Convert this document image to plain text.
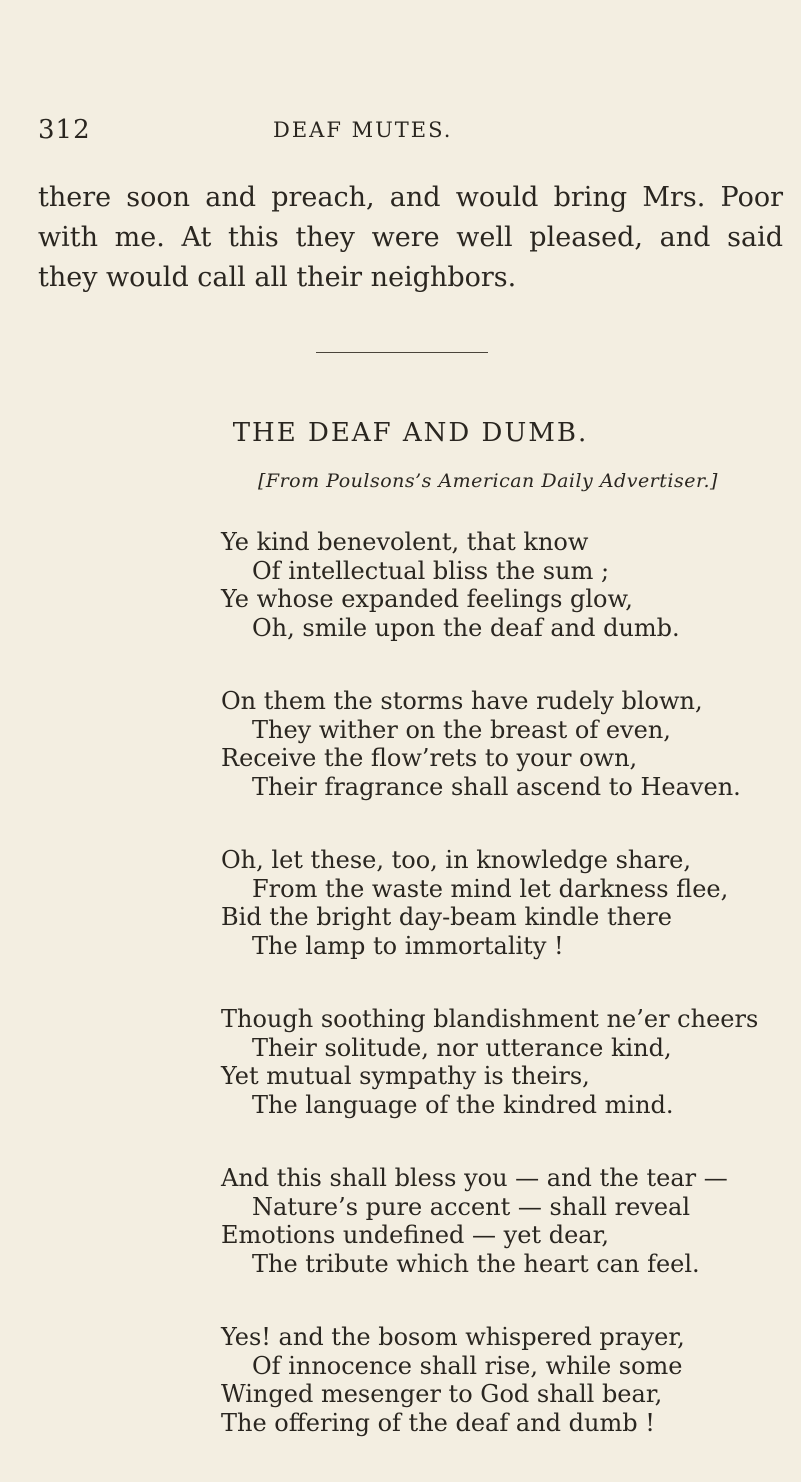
312	DEAF MUTES.
there soon and preach, and would bring Mrs. Poor
with me. At this they were well pleased, and said
they would call all their neighbors.
THE DEAF AND DUMB.
[From Poulsons’s American Daily Advertiser.]
Ye kind benevolent, that know
Of intellectual bliss the sum ;
Ye whose expanded feelings glow,
Oh, smile upon the deaf and dumb.
On them the storms have rudely blown,
They wither on the breast of even,
Receive the flow’rets to your own,
Their fragrance shall ascend to Heaven.
Oh, let these, too, in knowledge share,
From the waste mind let darkness flee,
Bid the bright day-beam kindle there
The lamp to immortality !
Though soothing blandishment ne’er cheers
Their solitude, nor utterance kind,
Yet mutual sympathy is theirs,
The language of the kindred mind.
And this shall bless you — and the tear —
Nature’s pure accent — shall reveal
Emotions undefined — yet dear,
The tribute which the heart can feel.
Yes! and the bosom whispered prayer,
Of innocence shall rise, while some
Winged mesenger to God shall bear,
The offering of the deaf and dumb !
